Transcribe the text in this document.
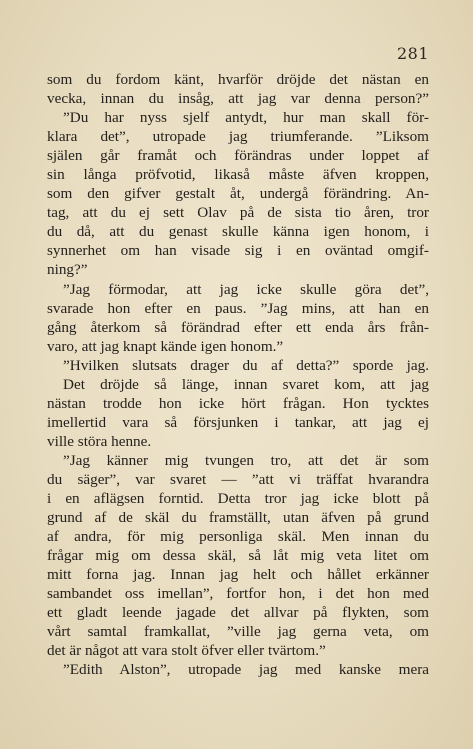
281
som du fordom känt, hvarför dröjde det nästan en
vecka, innan du insåg, att jag var denna person?”
”Du har nyss sjelf antydt, hur man skall för-
klara det”, utropade jag triumferande. ”Liksom
själen går framåt och förändras under loppet af
sin långa pröfvotid, likaså måste äfven kroppen,
som den gifver gestalt åt, undergå förändring. An-
tag, att du ej sett Olav på de sista tio åren, tror
du då, att du genast skulle känna igen honom, i
synnerhet om han visade sig i en oväntad omgif-
ning?”
”Jag förmodar, att jag icke skulle göra det”,
svarade hon efter en paus. ”Jag mins, att han en
gång återkom så förändrad efter ett enda års från-
varo, att jag knapt kände igen honom.”
”Hvilken slutsats drager du af detta?” sporde jag.
Det dröjde så länge, innan svaret kom, att jag
nästan trodde hon icke hört frågan. Hon tycktes
imellertid vara så försjunken i tankar, att jag ej
ville störa henne.
”Jag känner mig tvungen tro, att det är som
du säger”, var svaret — ”att vi träffat hvarandra
i en aflägsen forntid. Detta tror jag icke blott på
grund af de skäl du framställt, utan äfven på grund
af andra, för mig personliga skäl. Men innan du
frågar mig om dessa skäl, så låt mig veta litet om
mitt forna jag. Innan jag helt och hållet erkänner
sambandet oss imellan”, fortfor hon, i det hon med
ett gladt leende jagade det allvar på flykten, som
vårt samtal framkallat, ”ville jag gerna veta, om
det är något att vara stolt öfver eller tvärtom.”
”Edith Alston”, utropade jag med kanske mera
